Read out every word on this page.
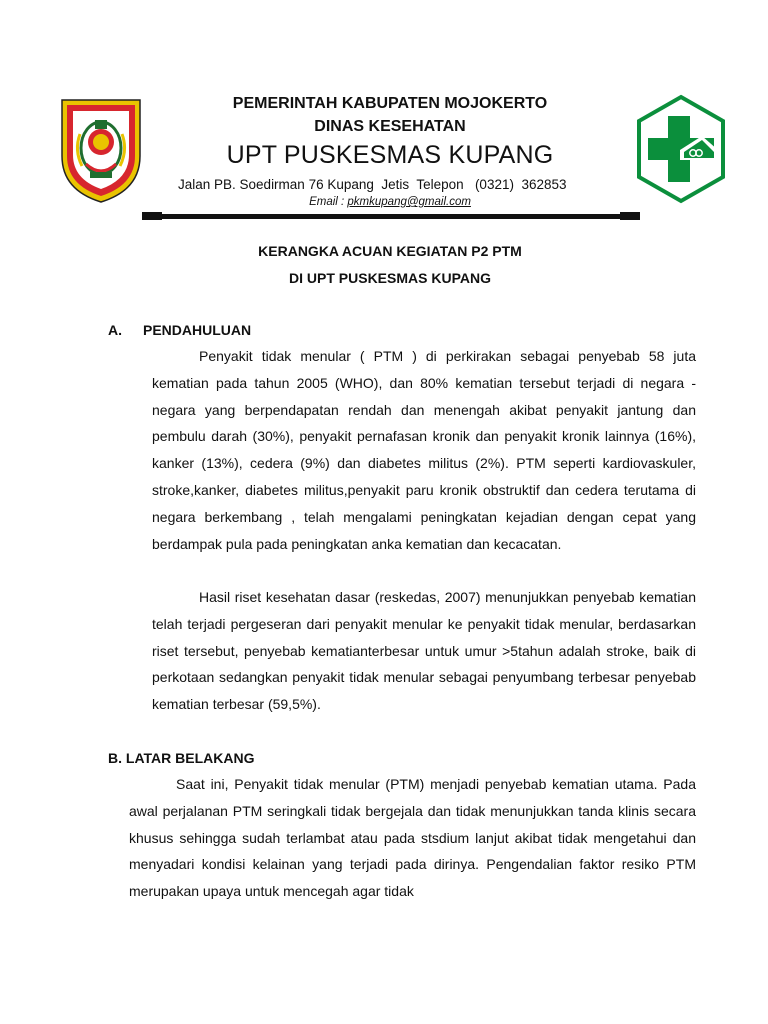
PEMERINTAH KABUPATEN MOJOKERTO
DINAS KESEHATAN
UPT PUSKESMAS KUPANG
Jalan PB. Soedirman 76 Kupang  Jetis  Telepon   (0321)  362853
Email : pkmkupang@gmail.com
KERANGKA ACUAN KEGIATAN P2 PTM
DI UPT PUSKESMAS KUPANG
A. PENDAHULUAN

Penyakit tidak menular ( PTM ) di perkirakan sebagai penyebab 58 juta kematian pada tahun 2005 (WHO), dan 80% kematian tersebut terjadi di negara - negara yang berpendapatan rendah dan menengah akibat penyakit jantung dan pembulu darah (30%), penyakit pernafasan kronik dan penyakit kronik lainnya (16%), kanker (13%), cedera (9%) dan diabetes militus (2%). PTM seperti kardiovaskuler, stroke,kanker, diabetes militus,penyakit paru kronik obstruktif dan cedera terutama di negara berkembang , telah mengalami peningkatan kejadian dengan cepat yang berdampak pula pada peningkatan anka kematian dan kecacatan.

Hasil riset kesehatan dasar (reskedas, 2007) menunjukkan penyebab kematian telah terjadi pergeseran dari penyakit menular ke penyakit tidak menular, berdasarkan riset tersebut, penyebab kematianterbesar untuk umur >5tahun adalah stroke, baik di perkotaan sedangkan penyakit tidak menular sebagai penyumbang terbesar penyebab kematian terbesar (59,5%).

B. LATAR BELAKANG

Saat ini, Penyakit tidak menular (PTM) menjadi penyebab kematian utama. Pada awal perjalanan PTM seringkali tidak bergejala dan tidak menunjukkan tanda klinis secara khusus sehingga sudah terlambat atau pada stsdium lanjut akibat tidak mengetahui dan menyadari kondisi kelainan yang terjadi pada dirinya. Pengendalian faktor resiko PTM merupakan upaya untuk mencegah agar tidak
